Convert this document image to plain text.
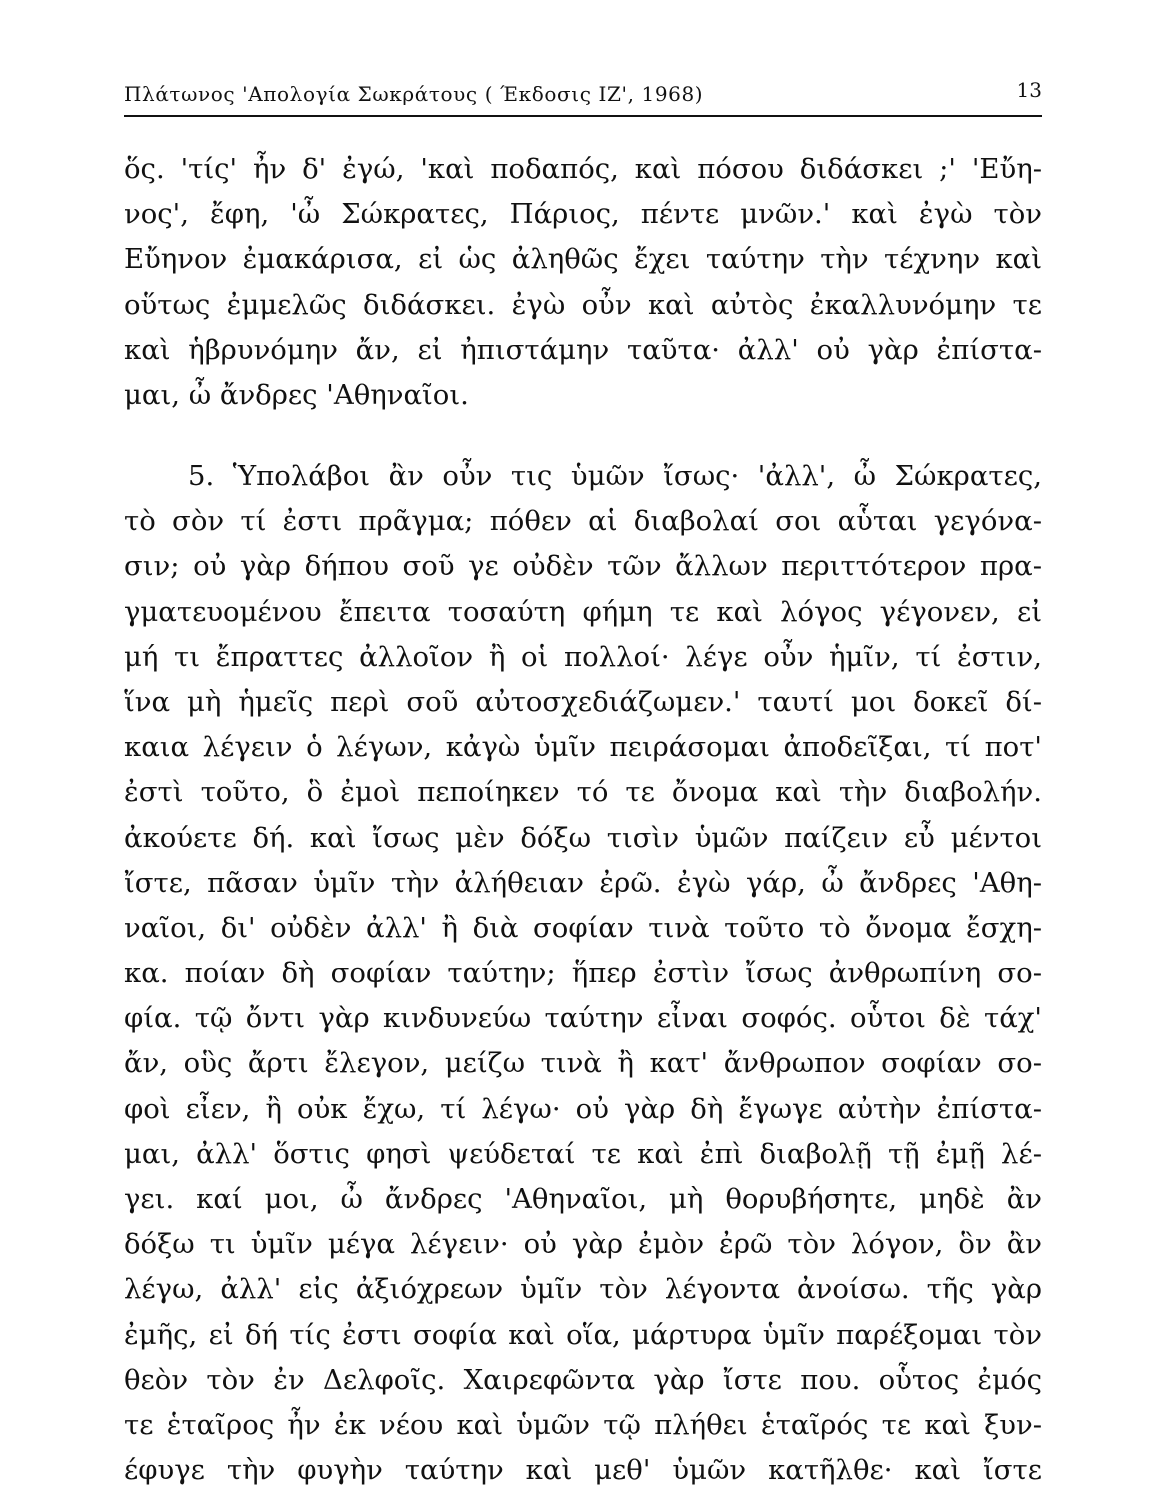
Πλάτωνος 'Απολογία Σωκράτους ( Έκδοσις ΙΖ', 1968)	13
ὅς. 'τίς' ἦν δ' ἐγώ, 'καὶ ποδαπός, καὶ πόσου διδάσκει ;' 'Εὔη-
νος', ἔφη, 'ὦ Σώκρατες, Πάριος, πέντε μνῶν.' καὶ ἐγὼ τὸν
Εὔηνον ἐμακάρισα, εἰ ὡς ἀληθῶς ἔχει ταύτην τὴν τέχνην καὶ
οὕτως ἐμμελῶς διδάσκει. ἐγὼ οὖν καὶ αὐτὸς ἐκαλλυνόμην τε
καὶ ἡβρυνόμην ἄν, εἰ ἠπιστάμην ταῦτα· ἀλλ' οὐ γὰρ ἐπίστα-
μαι, ὦ ἄνδρες 'Αθηναῖοι.
5. Ὑπολάβοι ἂν οὖν τις ὑμῶν ἴσως· 'ἀλλ', ὦ Σώκρατες,
τὸ σὸν τί ἐστι πρᾶγμα; πόθεν αἱ διαβολαί σοι αὗται γεγόνα-
σιν; οὐ γὰρ δήπου σοῦ γε οὐδὲν τῶν ἄλλων περιττότερον πρα-
γματευομένου ἔπειτα τοσαύτη φήμη τε καὶ λόγος γέγονεν, εἰ
μή τι ἔπραττες ἀλλοῖον ἢ οἱ πολλοί· λέγε οὖν ἡμῖν, τί ἐστιν,
ἵνα μὴ ἡμεῖς περὶ σοῦ αὐτοσχεδιάζωμεν.' ταυτί μοι δοκεῖ δί-
καια λέγειν ὁ λέγων, κἀγὼ ὑμῖν πειράσομαι ἀποδεῖξαι, τί ποτ'
ἐστὶ τοῦτο, ὃ ἐμοὶ πεποίηκεν τό τε ὄνομα καὶ τὴν διαβολήν.
ἀκούετε δή. καὶ ἴσως μὲν δόξω τισὶν ὑμῶν παίζειν εὖ μέντοι
ἴστε, πᾶσαν ὑμῖν τὴν ἀλήθειαν ἐρῶ. ἐγὼ γάρ, ὦ ἄνδρες 'Αθη-
ναῖοι, δι' οὐδὲν ἀλλ' ἢ διὰ σοφίαν τινὰ τοῦτο τὸ ὄνομα ἔσχη-
κα. ποίαν δὴ σοφίαν ταύτην; ἥπερ ἐστὶν ἴσως ἀνθρωπίνη σο-
φία. τῷ ὄντι γὰρ κινδυνεύω ταύτην εἶναι σοφός. οὗτοι δὲ τάχ'
ἄν, οὓς ἄρτι ἔλεγον, μείζω τινὰ ἢ κατ' ἄνθρωπον σοφίαν σο-
φοὶ εἶεν, ἢ οὐκ ἔχω, τί λέγω· οὐ γὰρ δὴ ἔγωγε αὐτὴν ἐπίστα-
μαι, ἀλλ' ὅστις φησὶ ψεύδεταί τε καὶ ἐπὶ διαβολῇ τῇ ἐμῇ λέ-
γει. καί μοι, ὦ ἄνδρες 'Αθηναῖοι, μὴ θορυβήσητε, μηδὲ ἂν
δόξω τι ὑμῖν μέγα λέγειν· οὐ γὰρ ἐμὸν ἐρῶ τὸν λόγον, ὃν ἂν
λέγω, ἀλλ' εἰς ἀξιόχρεων ὑμῖν τὸν λέγοντα ἀνοίσω. τῆς γὰρ
ἐμῆς, εἰ δή τίς ἐστι σοφία καὶ οἵα, μάρτυρα ὑμῖν παρέξομαι τὸν
θεὸν τὸν ἐν Δελφοῖς. Χαιρεφῶντα γὰρ ἴστε που. οὗτος ἐμός
τε ἑταῖρος ἦν ἐκ νέου καὶ ὑμῶν τῷ πλήθει ἑταῖρός τε καὶ ξυν-
έφυγε τὴν φυγὴν ταύτην καὶ μεθ' ὑμῶν κατῆλθε· καὶ ἴστε
